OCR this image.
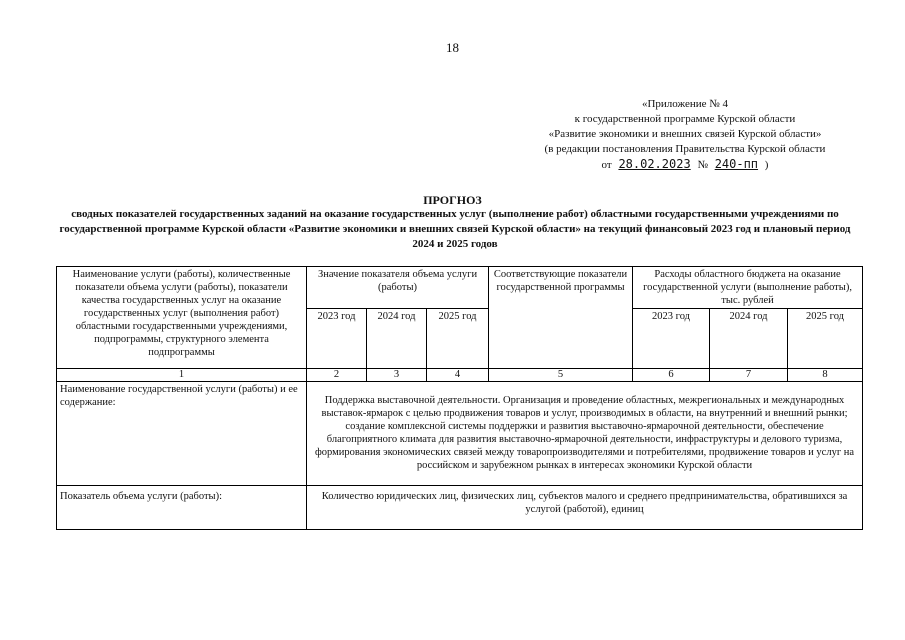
18
«Приложение № 4
к государственной программе Курской области
«Развитие экономики и внешних связей Курской области»
(в редакции постановления Правительства Курской области
от 28.02.2023 № 240-пп )
ПРОГНОЗ
сводных показателей государственных заданий на оказание государственных услуг (выполнение работ) областными государственными учреждениями по государственной программе Курской области «Развитие экономики и внешних связей Курской области» на текущий финансовый 2023 год и плановый период 2024 и 2025 годов
Наименование услуги (работы), количественные показатели объема услуги (работы), показатели качества государственных услуг на оказание государственных услуг (выполнения работ) областными государственными учреждениями, подпрограммы, структурного элемента подпрограммы	Значение показателя объема услуги (работы)			Соответствующие показатели государственной программы	Расходы областного бюджета на оказание государственной услуги (выполнение работы), тыс. рублей		
	2023 год	2024 год	2025 год		2023 год	2024 год	2025 год
1	2	3	4	5	6	7	8
Наименование государственной услуги (работы) и ее содержание:	Поддержка выставочной деятельности. Организация и проведение областных, межрегиональных и международных выставок-ярмарок с целью продвижения товаров и услуг, производимых в области, на внутренний и внешний рынки; создание комплексной системы поддержки и развития выставочно-ярмарочной деятельности, обеспечение благоприятного климата для развития выставочно-ярмарочной деятельности, инфраструктуры и делового туризма, формирования экономических связей между товаропроизводителями и потребителями, продвижение товаров и услуг на российском и зарубежном рынках в интересах экономики Курской области						
Показатель объема услуги (работы):	Количество юридических лиц, физических лиц, субъектов малого и среднего предпринимательства, обратившихся за услугой (работой), единиц						
